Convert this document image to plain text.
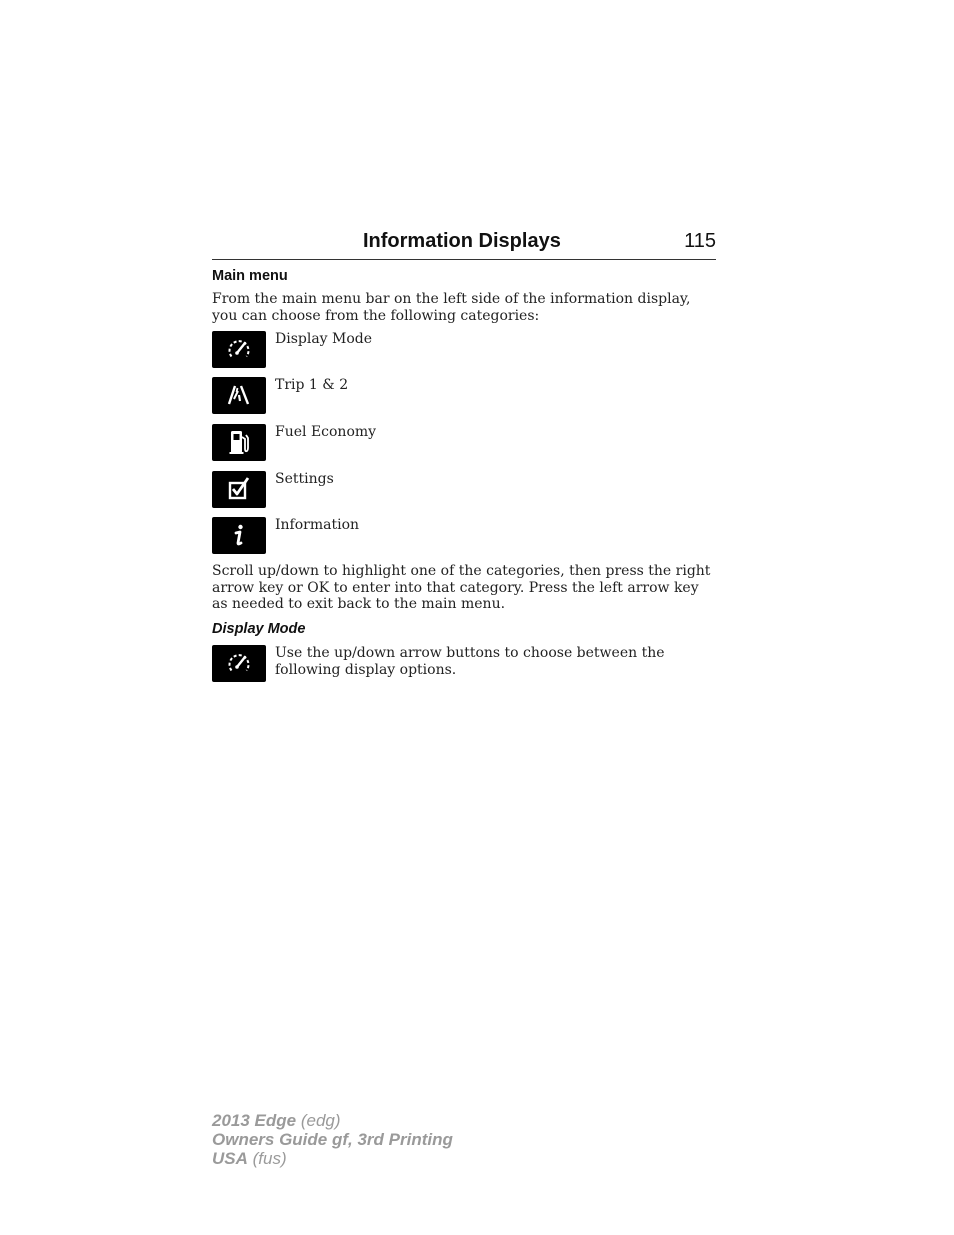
Information Displays	115
Main menu
From the main menu bar on the left side of the information display, you can choose from the following categories:
Display Mode
Trip 1 & 2
Fuel Economy
Settings
Information
Scroll up/down to highlight one of the categories, then press the right arrow key or OK to enter into that category. Press the left arrow key as needed to exit back to the main menu.
Display Mode
Use the up/down arrow buttons to choose between the following display options.
2013 Edge (edg)
Owners Guide gf, 3rd Printing
USA (fus)
